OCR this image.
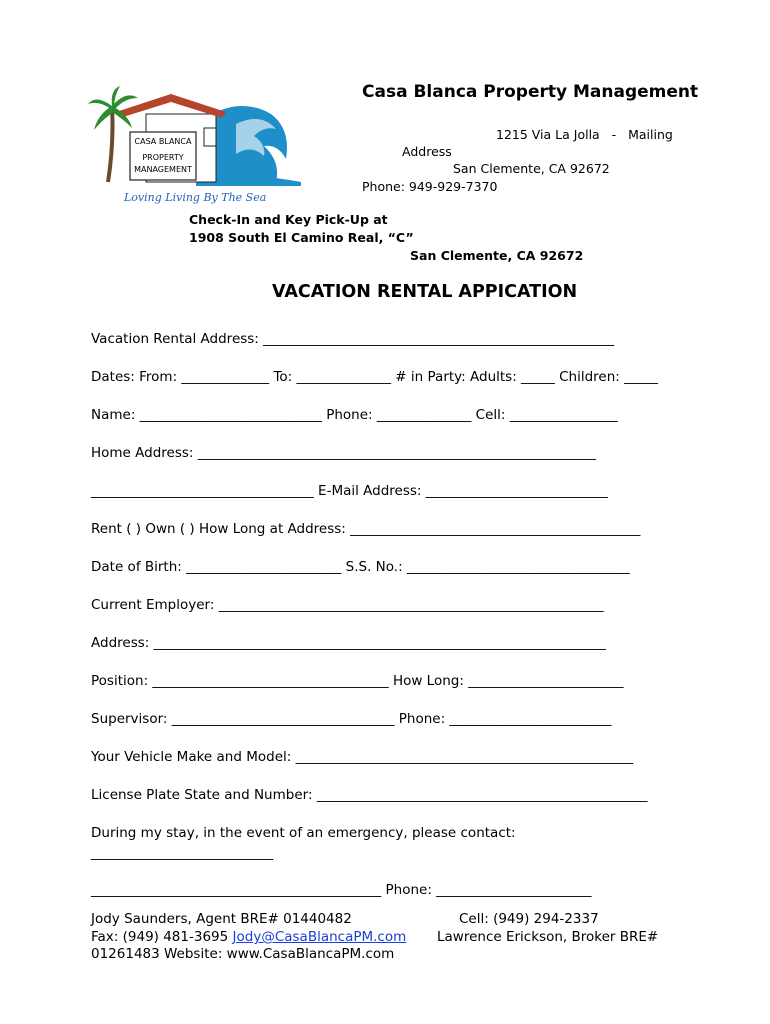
CASA BLANCA
PROPERTY
MANAGEMENT
Loving Living By The Sea
Casa Blanca Property Management
1215 Via La Jolla - Mailing
Address
San Clemente, CA 92672
Phone: 949-929-7370
Check-In and Key Pick-Up at
1908 South El Camino Real, “C”
San Clemente, CA 92672
VACATION RENTAL APPICATION
Vacation Rental Address: ____________________________________________________
Dates: From: _____________ To: ______________ # in Party: Adults: _____ Children: _____
Name: ___________________________ Phone: ______________ Cell: ________________
Home Address: ___________________________________________________________
_________________________________ E-Mail Address: ___________________________
Rent ( ) Own ( ) How Long at Address: ___________________________________________
Date of Birth: _______________________ S.S. No.: _________________________________
Current Employer: _________________________________________________________
Address: ___________________________________________________________________
Position: ___________________________________ How Long: _______________________
Supervisor: _________________________________ Phone: ________________________
Your Vehicle Make and Model: __________________________________________________
License Plate State and Number: _________________________________________________
During my stay, in the event of an emergency, please contact:
___________________________
___________________________________________ Phone: _______________________
Jody Saunders, Agent BRE# 01440482	Cell: (949) 294-2337
Fax: (949) 481-3695 Jody@CasaBlancaPM.com Lawrence Erickson, Broker BRE#
01261483 Website: www.CasaBlancaPM.com
